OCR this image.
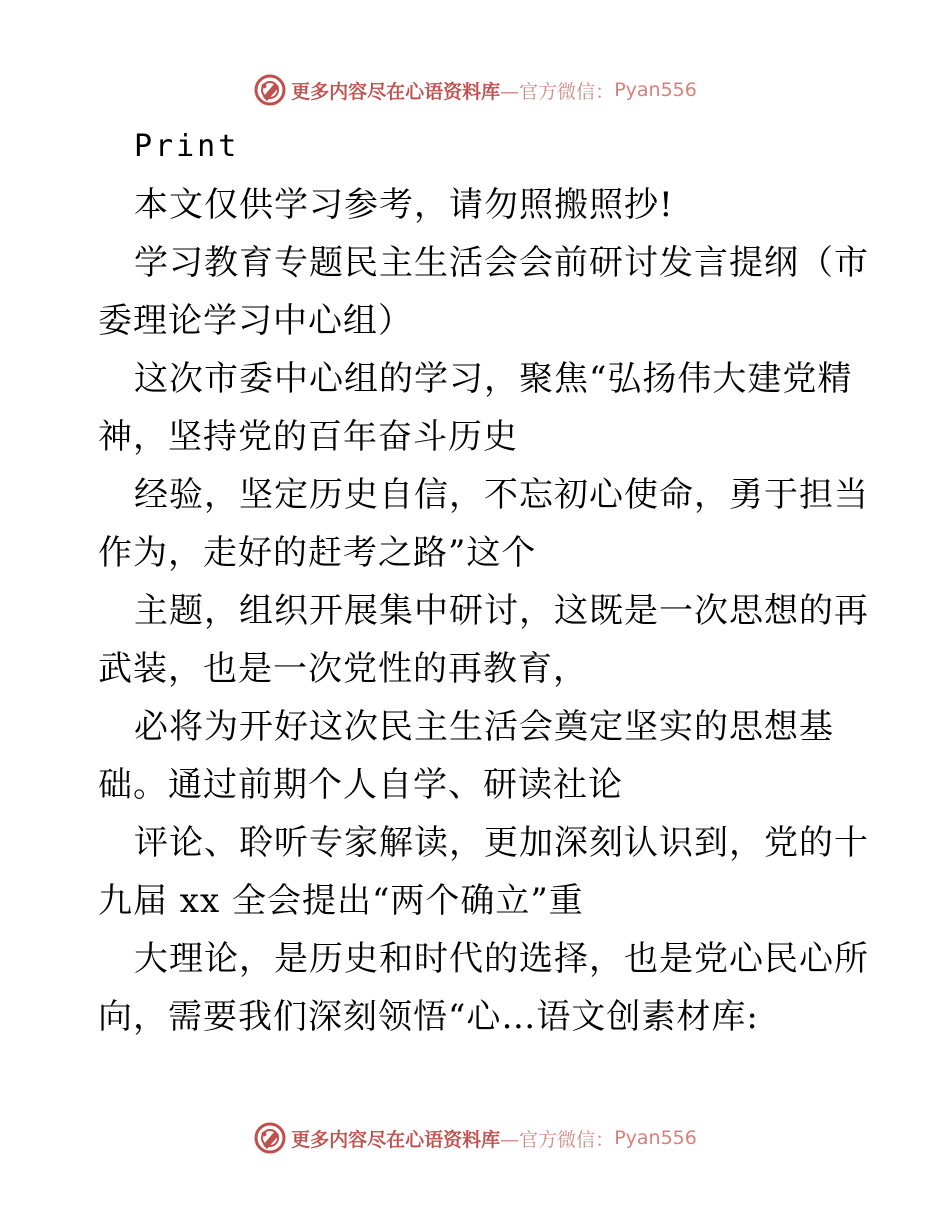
更多内容尽在心语资料库 —官方微信： Pyan556
Print
本文仅供学习参考，请勿照搬照抄!
学习教育专题民主生活会会前研讨发言提纲（市
委理论学习中心组）
这次市委中心组的学习，聚焦“弘扬伟大建党精
神，坚持党的百年奋斗历史
经验，坚定历史自信，不忘初心使命，勇于担当
作为，走好的赶考之路”这个
主题，组织开展集中研讨，这既是一次思想的再
武装，也是一次党性的再教育，
必将为开好这次民主生活会奠定坚实的思想基
础。通过前期个人自学、研读社论
评论、聆听专家解读，更加深刻认识到，党的十
九届 xx 全会提出“两个确立”重
大理论，是历史和时代的选择，也是党心民心所
向，需要我们深刻领悟“心…语文创素材库:
更多内容尽在心语资料库 —官方微信： Pyan556
